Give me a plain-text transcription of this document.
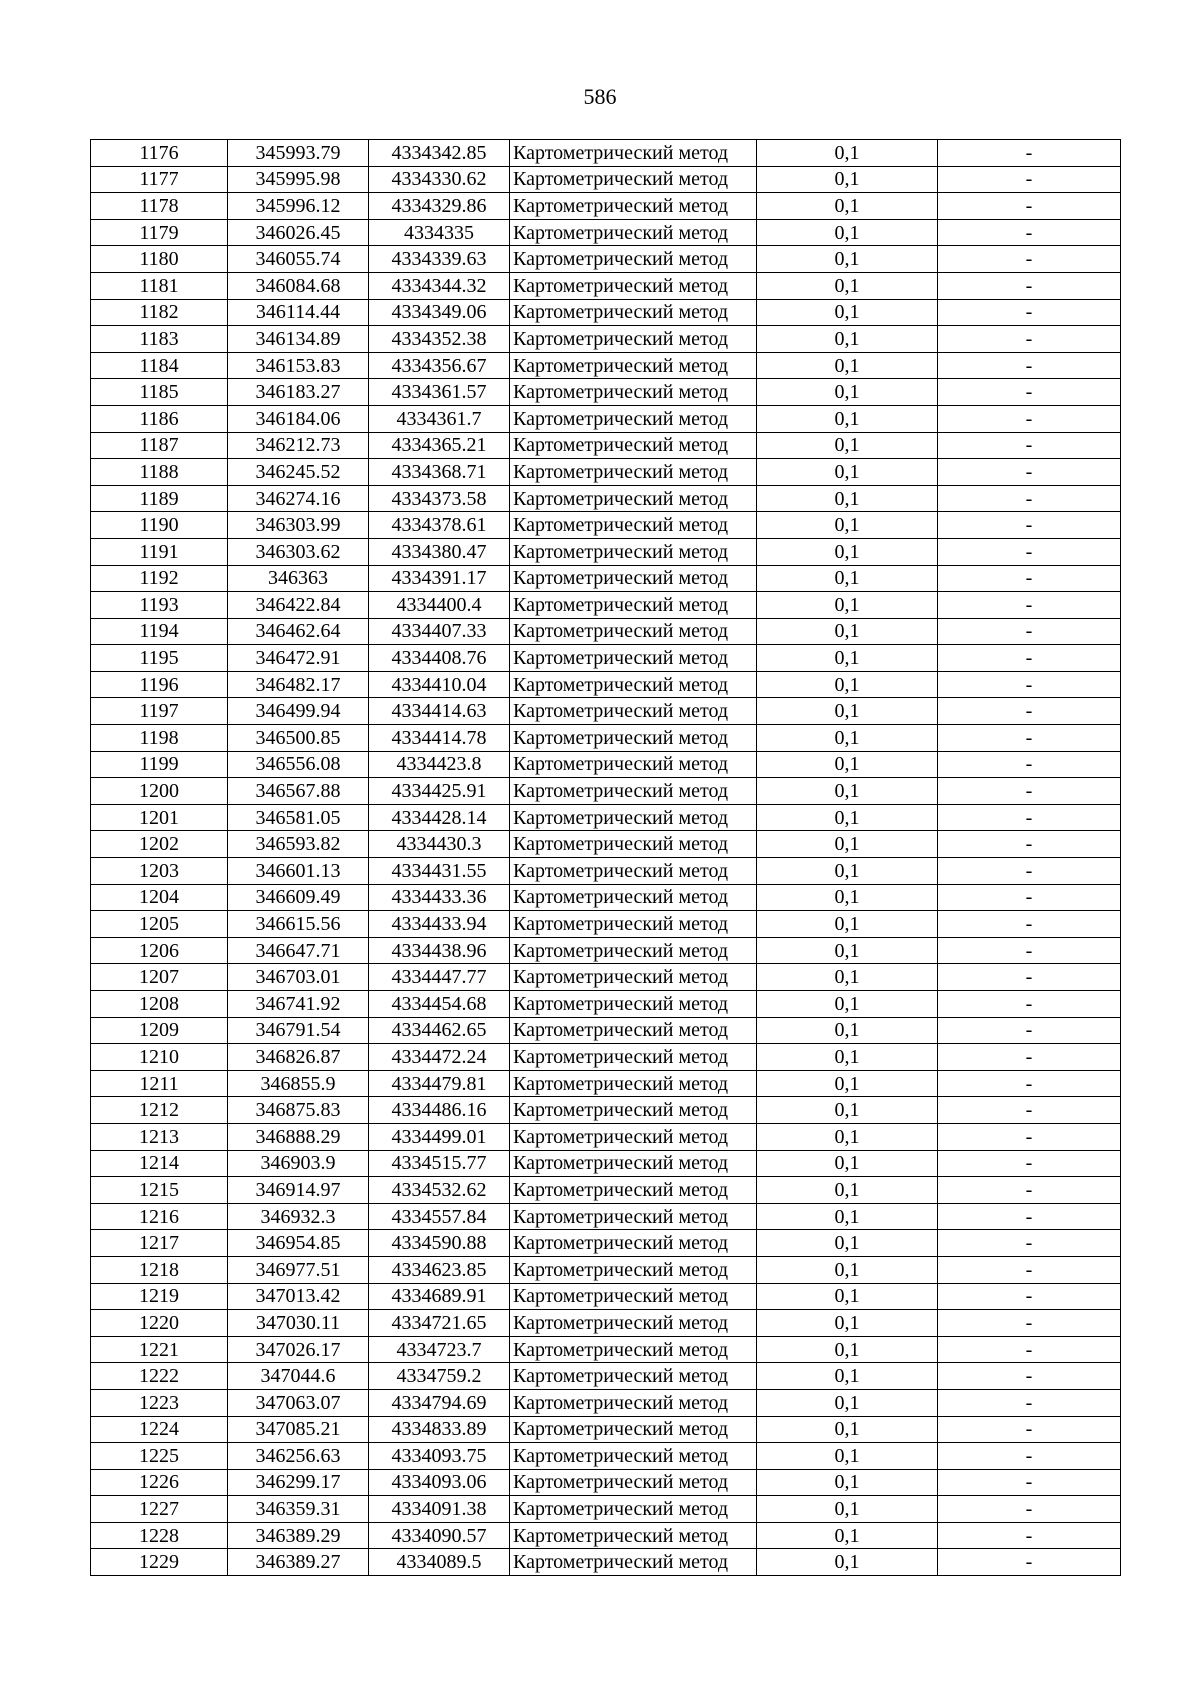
586
1176	345993.79	4334342.85	Картометрический метод	0,1	-
1177	345995.98	4334330.62	Картометрический метод	0,1	-
1178	345996.12	4334329.86	Картометрический метод	0,1	-
1179	346026.45	4334335	Картометрический метод	0,1	-
1180	346055.74	4334339.63	Картометрический метод	0,1	-
1181	346084.68	4334344.32	Картометрический метод	0,1	-
1182	346114.44	4334349.06	Картометрический метод	0,1	-
1183	346134.89	4334352.38	Картометрический метод	0,1	-
1184	346153.83	4334356.67	Картометрический метод	0,1	-
1185	346183.27	4334361.57	Картометрический метод	0,1	-
1186	346184.06	4334361.7	Картометрический метод	0,1	-
1187	346212.73	4334365.21	Картометрический метод	0,1	-
1188	346245.52	4334368.71	Картометрический метод	0,1	-
1189	346274.16	4334373.58	Картометрический метод	0,1	-
1190	346303.99	4334378.61	Картометрический метод	0,1	-
1191	346303.62	4334380.47	Картометрический метод	0,1	-
1192	346363	4334391.17	Картометрический метод	0,1	-
1193	346422.84	4334400.4	Картометрический метод	0,1	-
1194	346462.64	4334407.33	Картометрический метод	0,1	-
1195	346472.91	4334408.76	Картометрический метод	0,1	-
1196	346482.17	4334410.04	Картометрический метод	0,1	-
1197	346499.94	4334414.63	Картометрический метод	0,1	-
1198	346500.85	4334414.78	Картометрический метод	0,1	-
1199	346556.08	4334423.8	Картометрический метод	0,1	-
1200	346567.88	4334425.91	Картометрический метод	0,1	-
1201	346581.05	4334428.14	Картометрический метод	0,1	-
1202	346593.82	4334430.3	Картометрический метод	0,1	-
1203	346601.13	4334431.55	Картометрический метод	0,1	-
1204	346609.49	4334433.36	Картометрический метод	0,1	-
1205	346615.56	4334433.94	Картометрический метод	0,1	-
1206	346647.71	4334438.96	Картометрический метод	0,1	-
1207	346703.01	4334447.77	Картометрический метод	0,1	-
1208	346741.92	4334454.68	Картометрический метод	0,1	-
1209	346791.54	4334462.65	Картометрический метод	0,1	-
1210	346826.87	4334472.24	Картометрический метод	0,1	-
1211	346855.9	4334479.81	Картометрический метод	0,1	-
1212	346875.83	4334486.16	Картометрический метод	0,1	-
1213	346888.29	4334499.01	Картометрический метод	0,1	-
1214	346903.9	4334515.77	Картометрический метод	0,1	-
1215	346914.97	4334532.62	Картометрический метод	0,1	-
1216	346932.3	4334557.84	Картометрический метод	0,1	-
1217	346954.85	4334590.88	Картометрический метод	0,1	-
1218	346977.51	4334623.85	Картометрический метод	0,1	-
1219	347013.42	4334689.91	Картометрический метод	0,1	-
1220	347030.11	4334721.65	Картометрический метод	0,1	-
1221	347026.17	4334723.7	Картометрический метод	0,1	-
1222	347044.6	4334759.2	Картометрический метод	0,1	-
1223	347063.07	4334794.69	Картометрический метод	0,1	-
1224	347085.21	4334833.89	Картометрический метод	0,1	-
1225	346256.63	4334093.75	Картометрический метод	0,1	-
1226	346299.17	4334093.06	Картометрический метод	0,1	-
1227	346359.31	4334091.38	Картометрический метод	0,1	-
1228	346389.29	4334090.57	Картометрический метод	0,1	-
1229	346389.27	4334089.5	Картометрический метод	0,1	-
